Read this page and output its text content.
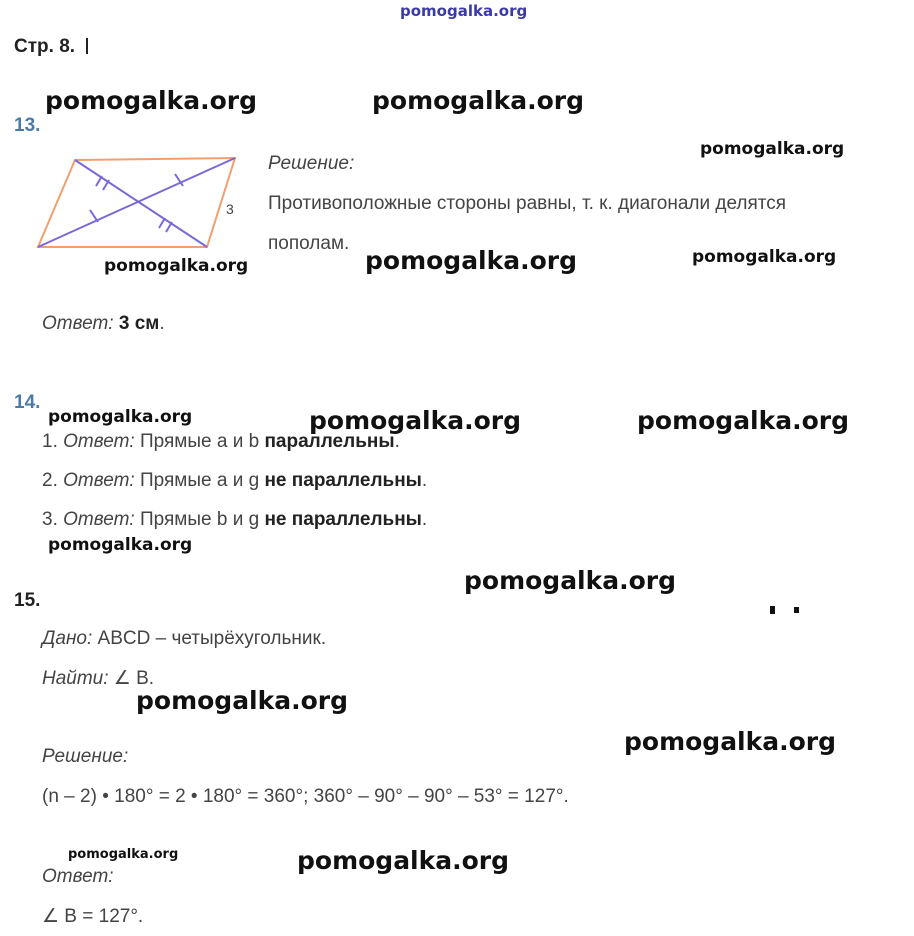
pomogalka.org
Стр. 8.
pomogalka.org	pomogalka.org
pomogalka.org
pomogalka.org	pomogalka.org	pomogalka.org
pomogalka.org	pomogalka.org	pomogalka.org
pomogalka.org
pomogalka.org
pomogalka.org
pomogalka.org
pomogalka.org	pomogalka.org
13.
3
Решение:
Противоположные стороны равны, т. к. диагонали делятся
пополам.
Ответ: 3 см.
14.
1. Ответ: Прямые a и b параллельны.
2. Ответ: Прямые a и g не параллельны.
3. Ответ: Прямые b и g не параллельны.
15.
Дано: ABCD – четырёхугольник.
Найти: ∠ B.
Решение:
(n – 2) • 180° = 2 • 180° = 360°; 360° – 90° – 90° – 53° = 127°.
Ответ:
∠ B = 127°.
